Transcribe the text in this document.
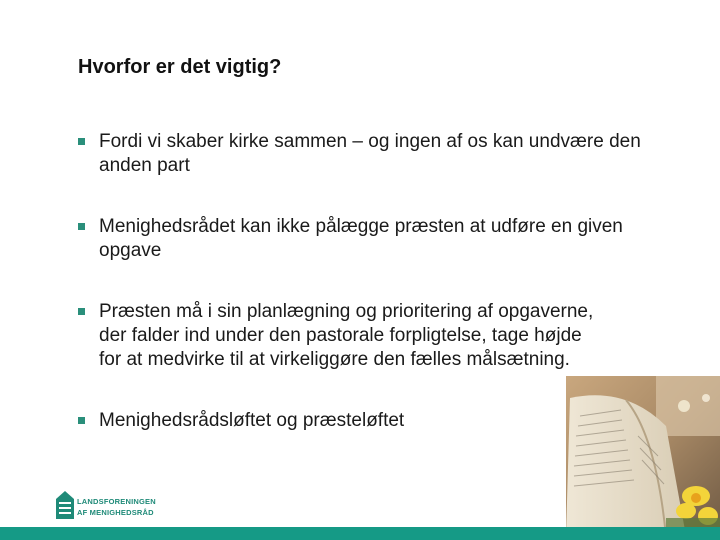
Hvorfor er det vigtig?
Fordi vi skaber kirke sammen – og ingen af os kan undvære den anden part
Menighedsrådet kan ikke pålægge præsten at udføre en given opgave
Præsten må i sin planlægning og prioritering af opgaverne, der falder ind under den pastorale forpligtelse, tage højde for at medvirke til at virkeliggøre den fælles målsætning.
Menighedsrådsløftet og præsteløftet
LANDSFORENINGEN
AF MENIGHEDSRÅD
